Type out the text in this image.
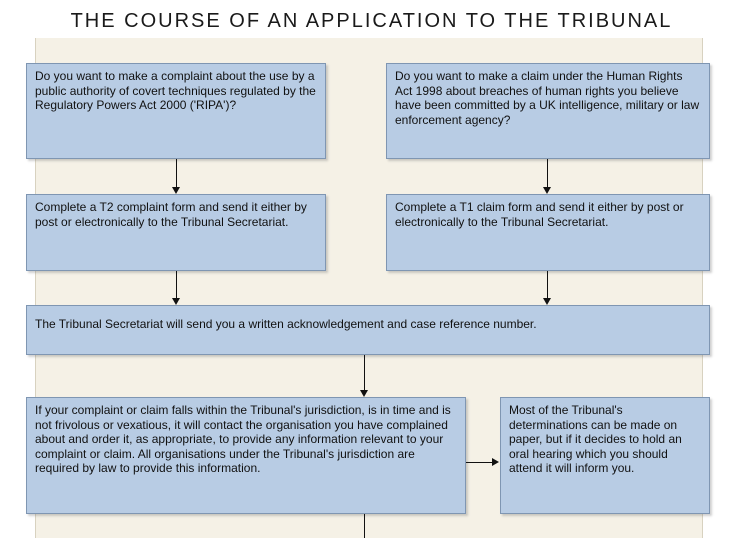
THE COURSE OF AN APPLICATION TO THE TRIBUNAL
Do you want to make a complaint about the use by a public authority of covert techniques regulated by the Regulatory Powers Act 2000 ('RIPA')?
Do you want to make a claim under the Human Rights Act 1998 about breaches of human rights you believe have been committed by a UK intelligence, military or law enforcement agency?
Complete a T2 complaint form and send it either by post or electronically to the Tribunal Secretariat.
Complete a T1 claim form and send it either by post or electronically to the Tribunal Secretariat.
The Tribunal Secretariat will send you a written acknowledgement and case reference number.
If your complaint or claim falls within the Tribunal's jurisdiction, is in time and is not frivolous or vexatious, it will contact the organisation you have complained about and order it, as appropriate, to provide any information relevant to your complaint or claim. All organisations under the Tribunal's jurisdiction are required by law to provide this information.
Most of the Tribunal's determinations can be made on paper, but if it decides to hold an oral hearing which you should attend it will inform you.
